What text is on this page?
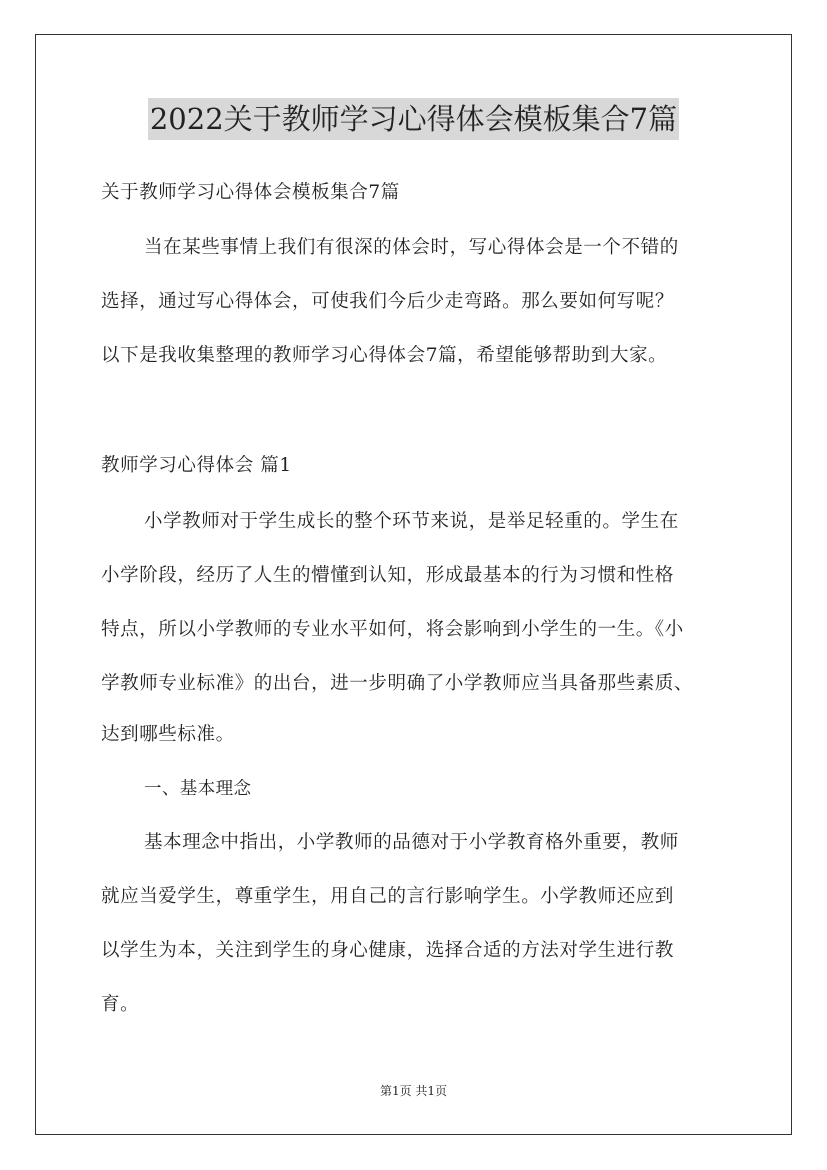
2022关于教师学习心得体会模板集合7篇
关于教师学习心得体会模板集合7篇
当在某些事情上我们有很深的体会时，写心得体会是一个不错的
选择，通过写心得体会，可使我们今后少走弯路。那么要如何写呢？
以下是我收集整理的教师学习心得体会7篇，希望能够帮助到大家。
教师学习心得体会 篇1
小学教师对于学生成长的整个环节来说，是举足轻重的。学生在
小学阶段，经历了人生的懵懂到认知，形成最基本的行为习惯和性格
特点，所以小学教师的专业水平如何，将会影响到小学生的一生。《小
学教师专业标准》的出台，进一步明确了小学教师应当具备那些素质、
达到哪些标准。
一、基本理念
基本理念中指出，小学教师的品德对于小学教育格外重要，教师
就应当爱学生，尊重学生，用自己的言行影响学生。小学教师还应到
以学生为本，关注到学生的身心健康，选择合适的方法对学生进行教
育。
第1页 共1页
